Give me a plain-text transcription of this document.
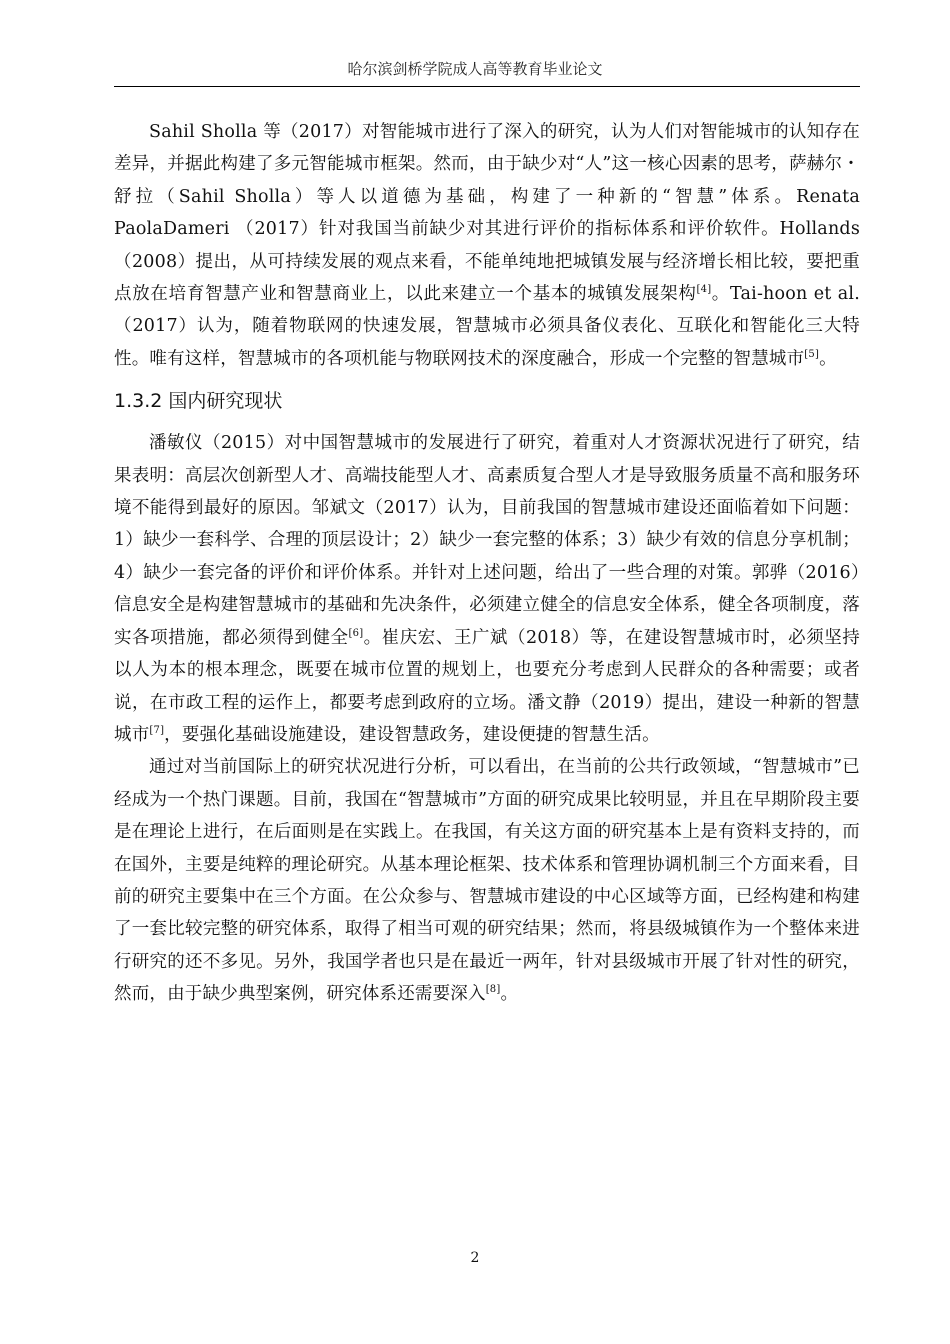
哈尔滨剑桥学院成人高等教育毕业论文

Sahil Sholla 等（2017）对智能城市进行了深入的研究，认为人们对智能城市的认知存在差异，并据此构建了多元智能城市框架。然而，由于缺少对“人”这一核心因素的思考，萨赫尔・舒拉（Sahil Sholla）等人以道德为基础，构建了一种新的“智慧”体系。Renata PaolaDameri （2017）针对我国当前缺少对其进行评价的指标体系和评价软件。Hollands （2008）提出，从可持续发展的观点来看，不能单纯地把城镇发展与经济增长相比较，要把重点放在培育智慧产业和智慧商业上，以此来建立一个基本的城镇发展架构[4]。Tai-hoon et al.（2017）认为，随着物联网的快速发展，智慧城市必须具备仪表化、互联化和智能化三大特性。唯有这样，智慧城市的各项机能与物联网技术的深度融合，形成一个完整的智慧城市[5]。

1.3.2 国内研究现状

潘敏仪（2015）对中国智慧城市的发展进行了研究，着重对人才资源状况进行了研究，结果表明：高层次创新型人才、高端技能型人才、高素质复合型人才是导致服务质量不高和服务环境不能得到最好的原因。邹斌文（2017）认为，目前我国的智慧城市建设还面临着如下问题：1）缺少一套科学、合理的顶层设计；2）缺少一套完整的体系；3）缺少有效的信息分享机制；4）缺少一套完备的评价和评价体系。并针对上述问题，给出了一些合理的对策。郭骅（2016）信息安全是构建智慧城市的基础和先决条件，必须建立健全的信息安全体系，健全各项制度，落实各项措施，都必须得到健全[6]。崔庆宏、王广斌（2018）等，在建设智慧城市时，必须坚持以人为本的根本理念，既要在城市位置的规划上，也要充分考虑到人民群众的各种需要；或者说，在市政工程的运作上，都要考虑到政府的立场。潘文静（2019）提出，建设一种新的智慧城市[7]，要强化基础设施建设，建设智慧政务，建设便捷的智慧生活。

通过对当前国际上的研究状况进行分析，可以看出，在当前的公共行政领域，“智慧城市”已经成为一个热门课题。目前，我国在“智慧城市”方面的研究成果比较明显，并且在早期阶段主要是在理论上进行，在后面则是在实践上。在我国，有关这方面的研究基本上是有资料支持的，而在国外，主要是纯粹的理论研究。从基本理论框架、技术体系和管理协调机制三个方面来看，目前的研究主要集中在三个方面。在公众参与、智慧城市建设的中心区域等方面，已经构建和构建了一套比较完整的研究体系，取得了相当可观的研究结果；然而，将县级城镇作为一个整体来进行研究的还不多见。另外，我国学者也只是在最近一两年，针对县级城市开展了针对性的研究，然而，由于缺少典型案例，研究体系还需要深入[8]。

2
